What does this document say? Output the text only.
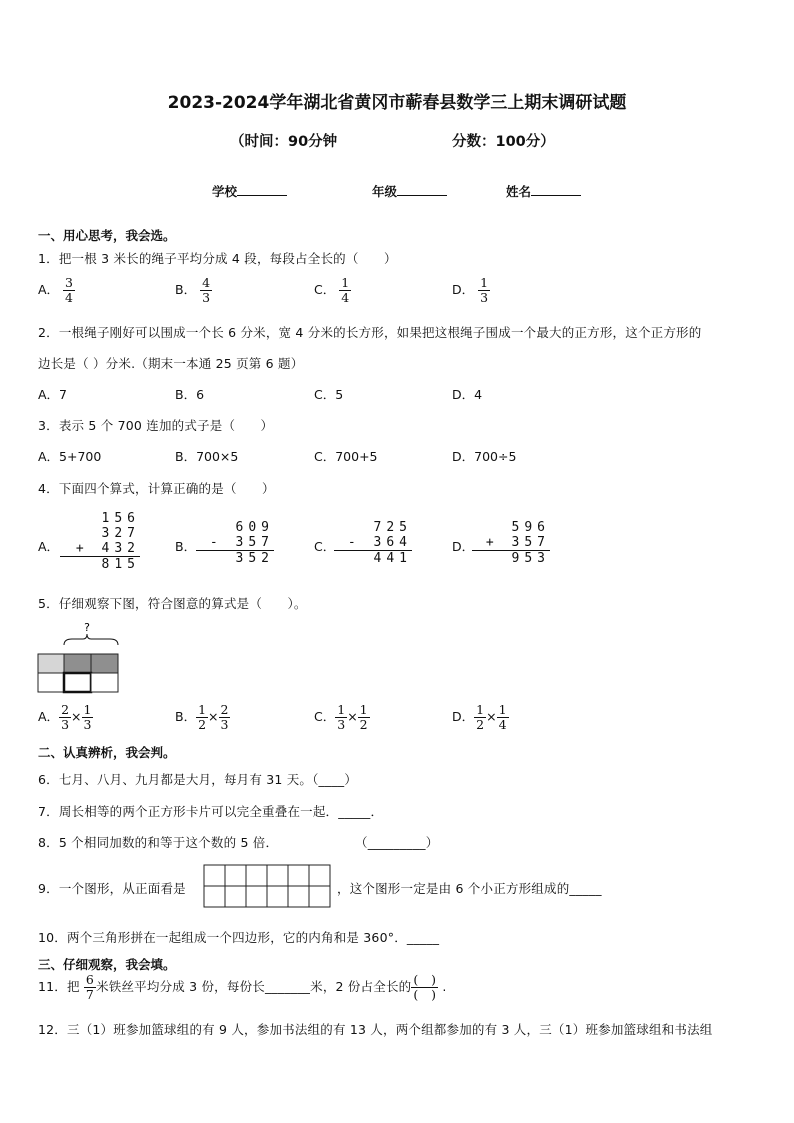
2023-2024学年湖北省黄冈市蕲春县数学三上期末调研试题
（时间：90分钟	分数：100分）
学校	年级	姓名
一、用心思考，我会选。
1．把一根 3 米长的绳子平均分成 4 段，每段占全长的（　　）
A． $\frac{3}{4}$	B． $\frac{4}{3}$	C． $\frac{1}{4}$	D． $\frac{1}{3}$
2．一根绳子刚好可以围成一个长 6 分米，宽 4 分米的长方形，如果把这根绳子围成一个最大的正方形，这个正方形的
边长是（ ）分米.（期末一本通 25 页第 6 题）
A．7	B．6	C．5	D．4
3．表示 5 个 700 连加的式子是（　　）
A．5+700	B．700×5	C．700+5	D．700÷5
4．下面四个算式，计算正确的是（　　）
A．
156
327
+ 432
815
B．
609
- 357
352
C．
725
- 364
441
D．
596
+ 357
953
5．仔细观察下图，符合图意的算式是（　　）。
?
A． $\frac{2}{3} \times \frac{1}{3}$	B． $\frac{1}{2} \times \frac{2}{3}$	C． $\frac{1}{3} \times \frac{1}{2}$	D． $\frac{1}{2} \times \frac{1}{4}$
二、认真辨析，我会判。
6．七月、八月、九月都是大月，每月有 31 天。（____）
7．周长相等的两个正方形卡片可以完全重叠在一起．_____．
8．5 个相同加数的和等于这个数的 5 倍．	（_________）
9．一个图形，从正面看是	，这个图形一定是由 6 个小正方形组成的_____
10．两个三角形拼在一起组成一个四边形，它的内角和是 360°．_____
三、仔细观察，我会填。
11．把 $\frac{6}{7}$ 米铁丝平均分成 3 份，每份长_______米，2 份占全长的 $\frac{( )}{( )}$ .
12．三（1）班参加篮球组的有 9 人，参加书法组的有 13 人，两个组都参加的有 3 人，三（1）班参加篮球组和书法组
